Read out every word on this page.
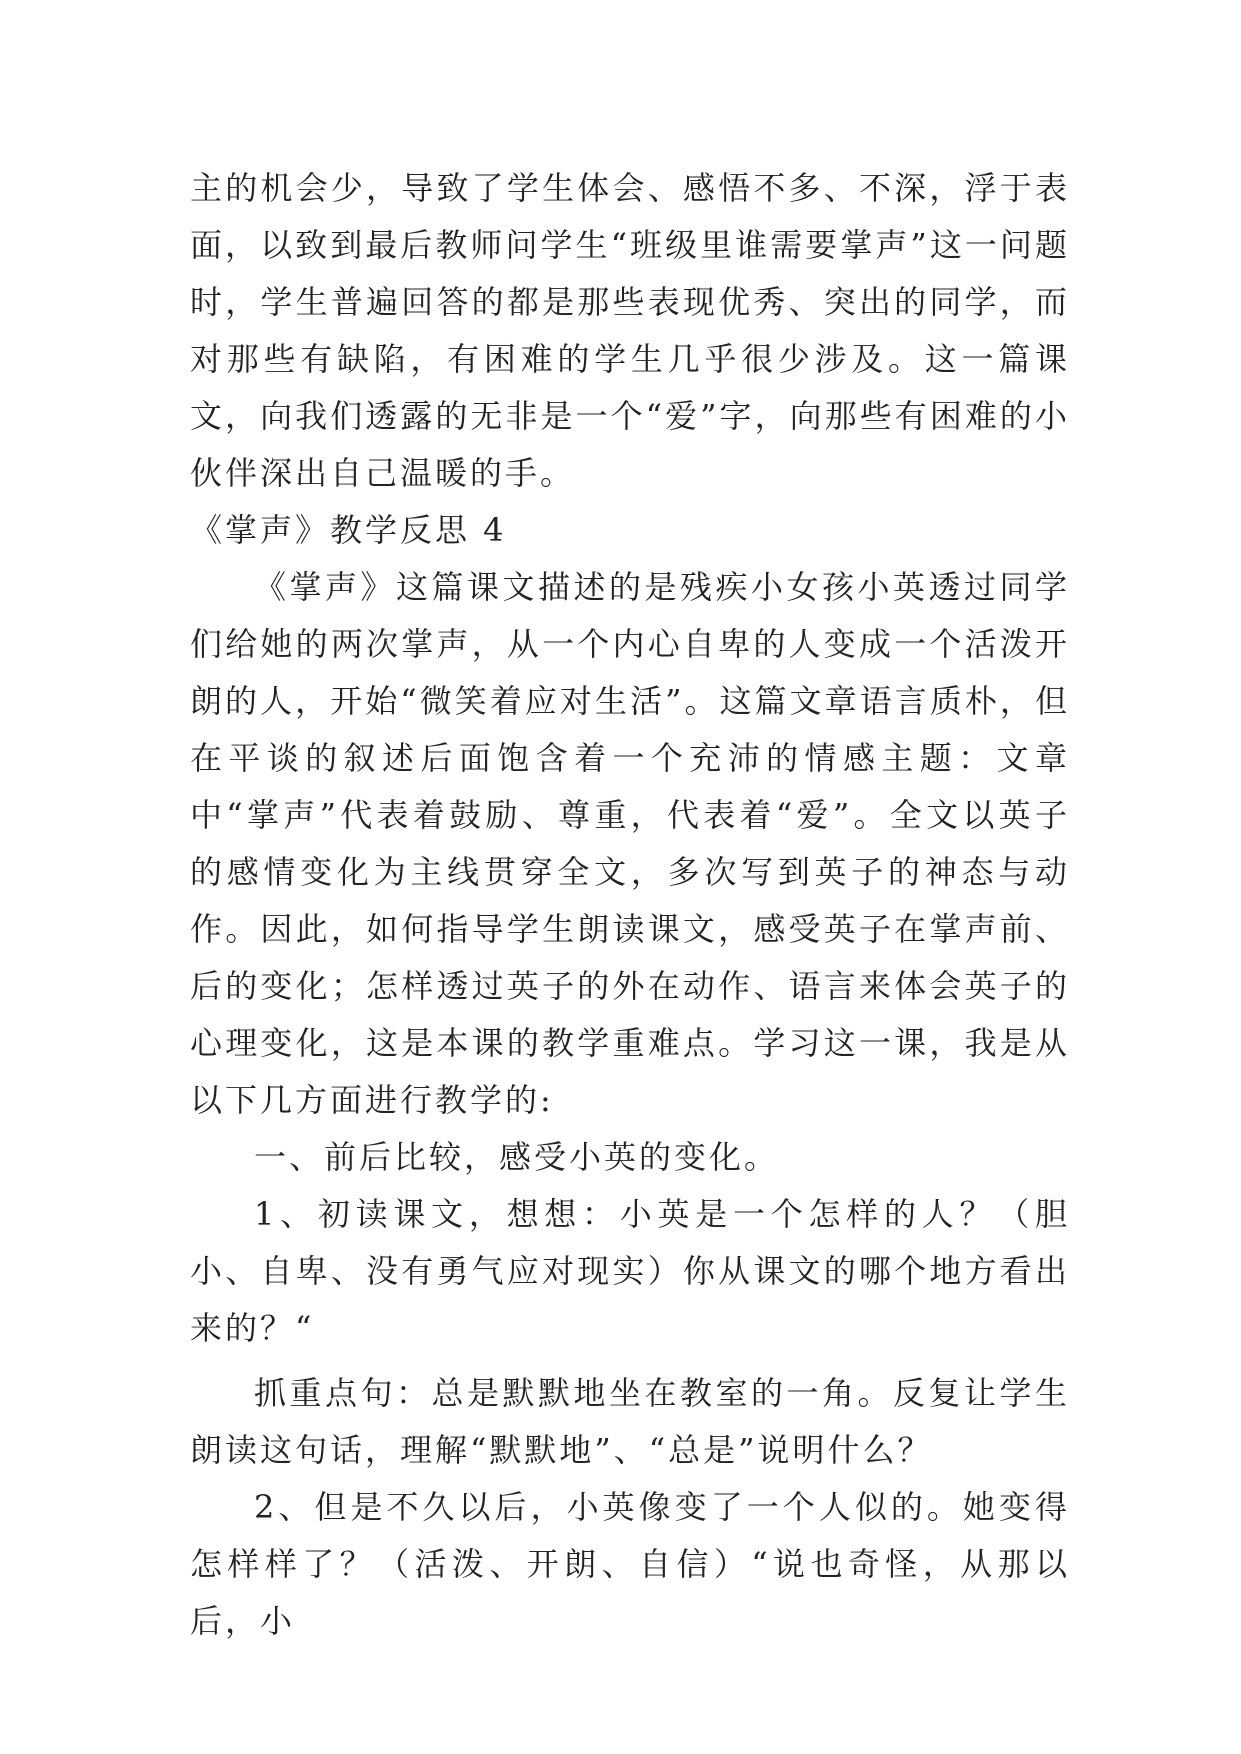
主的机会少，导致了学生体会、感悟不多、不深，浮于表面，以致到最后教师问学生“班级里谁需要掌声”这一问题时，学生普遍回答的都是那些表现优秀、突出的同学，而对那些有缺陷，有困难的学生几乎很少涉及。这一篇课文，向我们透露的无非是一个“爱”字，向那些有困难的小伙伴深出自己温暖的手。

《掌声》教学反思 4

《掌声》这篇课文描述的是残疾小女孩小英透过同学们给她的两次掌声，从一个内心自卑的人变成一个活泼开朗的人，开始“微笑着应对生活”。这篇文章语言质朴，但在平谈的叙述后面饱含着一个充沛的情感主题：文章中“掌声”代表着鼓励、尊重，代表着“爱”。全文以英子的感情变化为主线贯穿全文，多次写到英子的神态与动作。因此，如何指导学生朗读课文，感受英子在掌声前、后的变化；怎样透过英子的外在动作、语言来体会英子的心理变化，这是本课的教学重难点。学习这一课，我是从以下几方面进行教学的:

一、前后比较，感受小英的变化。

1、初读课文，想想：小英是一个怎样的人？（胆小、自卑、没有勇气应对现实）你从课文的哪个地方看出来的？“

抓重点句：总是默默地坐在教室的一角。反复让学生朗读这句话，理解“默默地”、“总是”说明什么？

2、但是不久以后，小英像变了一个人似的。她变得怎样样了？（活泼、开朗、自信）“说也奇怪，从那以后，小
